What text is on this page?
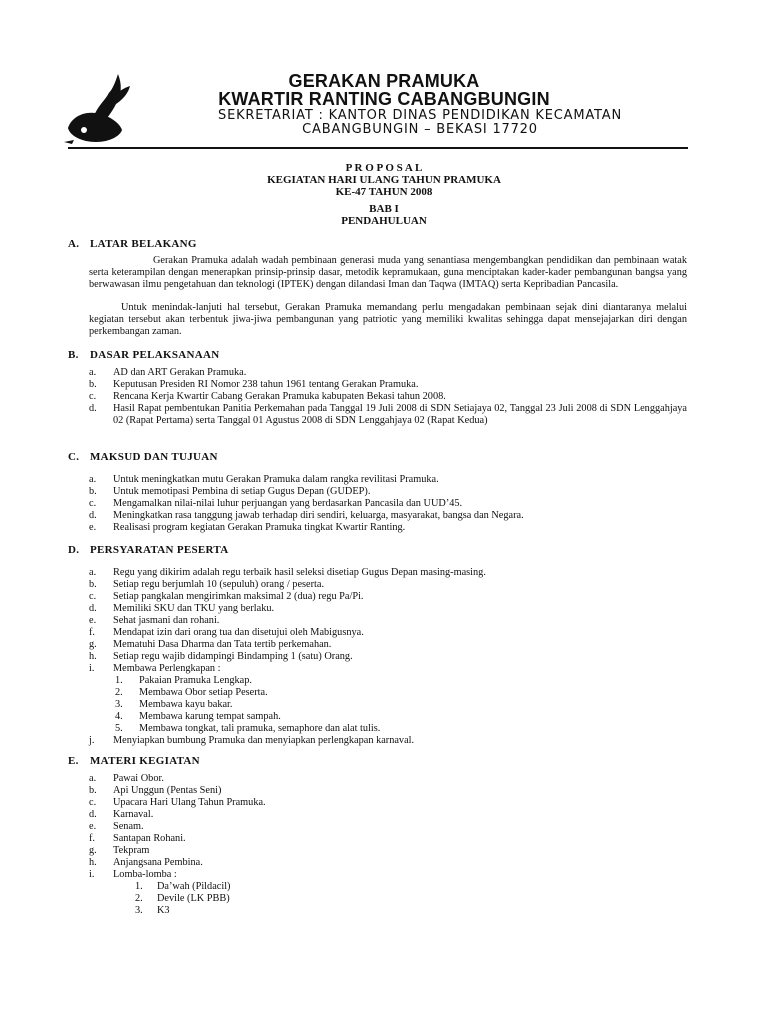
GERAKAN PRAMUKA
KWARTIR RANTING CABANGBUNGIN
SEKRETARIAT : KANTOR DINAS PENDIDIKAN KECAMATAN
CABANGBUNGIN – BEKASI 17720
P R O P O S A L
KEGIATAN HARI ULANG TAHUN PRAMUKA
KE-47 TAHUN 2008
BAB I
PENDAHULUAN
A. LATAR BELAKANG
Gerakan Pramuka adalah wadah pembinaan generasi muda yang senantiasa mengembangkan pendidikan dan pembinaan watak serta keterampilan dengan menerapkan prinsip-prinsip dasar, metodik kepramukaan, guna menciptakan kader-kader pembangunan bangsa yang berwawasan ilmu pengetahuan dan teknologi (IPTEK) dengan dilandasi Iman dan Taqwa (IMTAQ) serta Kepribadian Pancasila.
Untuk menindak-lanjuti hal tersebut, Gerakan Pramuka memandang perlu mengadakan pembinaan sejak dini diantaranya melalui kegiatan tersebut akan terbentuk jiwa-jiwa pembangunan yang patriotic yang memiliki kwalitas sehingga dapat mensejajarkan diri dengan perkembangan zaman.
B. DASAR PELAKSANAAN
a.	AD dan ART Gerakan Pramuka.
b.	Keputusan Presiden RI Nomor 238 tahun 1961 tentang Gerakan Pramuka.
c.	Rencana Kerja Kwartir Cabang Gerakan Pramuka kabupaten Bekasi tahun 2008.
d.	Hasil Rapat pembentukan Panitia Perkemahan pada Tanggal 19 Juli 2008 di SDN Setiajaya 02, Tanggal 23 Juli 2008 di SDN Lenggahjaya 02 (Rapat Pertama) serta Tanggal 01 Agustus 2008 di SDN Lenggahjaya 02 (Rapat Kedua)
C. MAKSUD DAN TUJUAN
a.	Untuk meningkatkan mutu Gerakan Pramuka dalam rangka revilitasi Pramuka.
b.	Untuk memotipasi Pembina di setiap Gugus Depan (GUDEP).
c.	Mengamalkan nilai-nilai luhur perjuangan yang berdasarkan Pancasila dan UUD’45.
d.	Meningkatkan rasa tanggung jawab terhadap diri sendiri, keluarga, masyarakat, bangsa dan Negara.
e.	Realisasi program kegiatan Gerakan Pramuka tingkat Kwartir Ranting.
D. PERSYARATAN PESERTA
a.	Regu yang dikirim adalah regu terbaik hasil seleksi disetiap Gugus Depan masing-masing.
b.	Setiap regu berjumlah 10 (sepuluh) orang / peserta.
c.	Setiap pangkalan mengirimkan maksimal 2 (dua) regu Pa/Pi.
d.	Memiliki SKU dan TKU yang berlaku.
e.	Sehat jasmani dan rohani.
f.	Mendapat izin dari orang tua dan disetujui oleh Mabigusnya.
g.	Mematuhi Dasa Dharma dan Tata tertib perkemahan.
h.	Setiap regu wajib didampingi Bindamping 1 (satu) Orang.
i.	Membawa Perlengkapan :
1. Pakaian Pramuka Lengkap.
2. Membawa Obor setiap Peserta.
3. Membawa kayu bakar.
4. Membawa karung tempat sampah.
5. Membawa tongkat, tali pramuka, semaphore dan alat tulis.
j.	Menyiapkan bumbung Pramuka dan menyiapkan perlengkapan karnaval.
E. MATERI KEGIATAN
a.	Pawai Obor.
b.	Api Unggun (Pentas Seni)
c.	Upacara Hari Ulang Tahun Pramuka.
d.	Karnaval.
e.	Senam.
f.	Santapan Rohani.
g.	Tekpram
h.	Anjangsana Pembina.
i.	Lomba-lomba :
1. Da’wah (Pildacil)
2. Devile (LK PBB)
3. K3
